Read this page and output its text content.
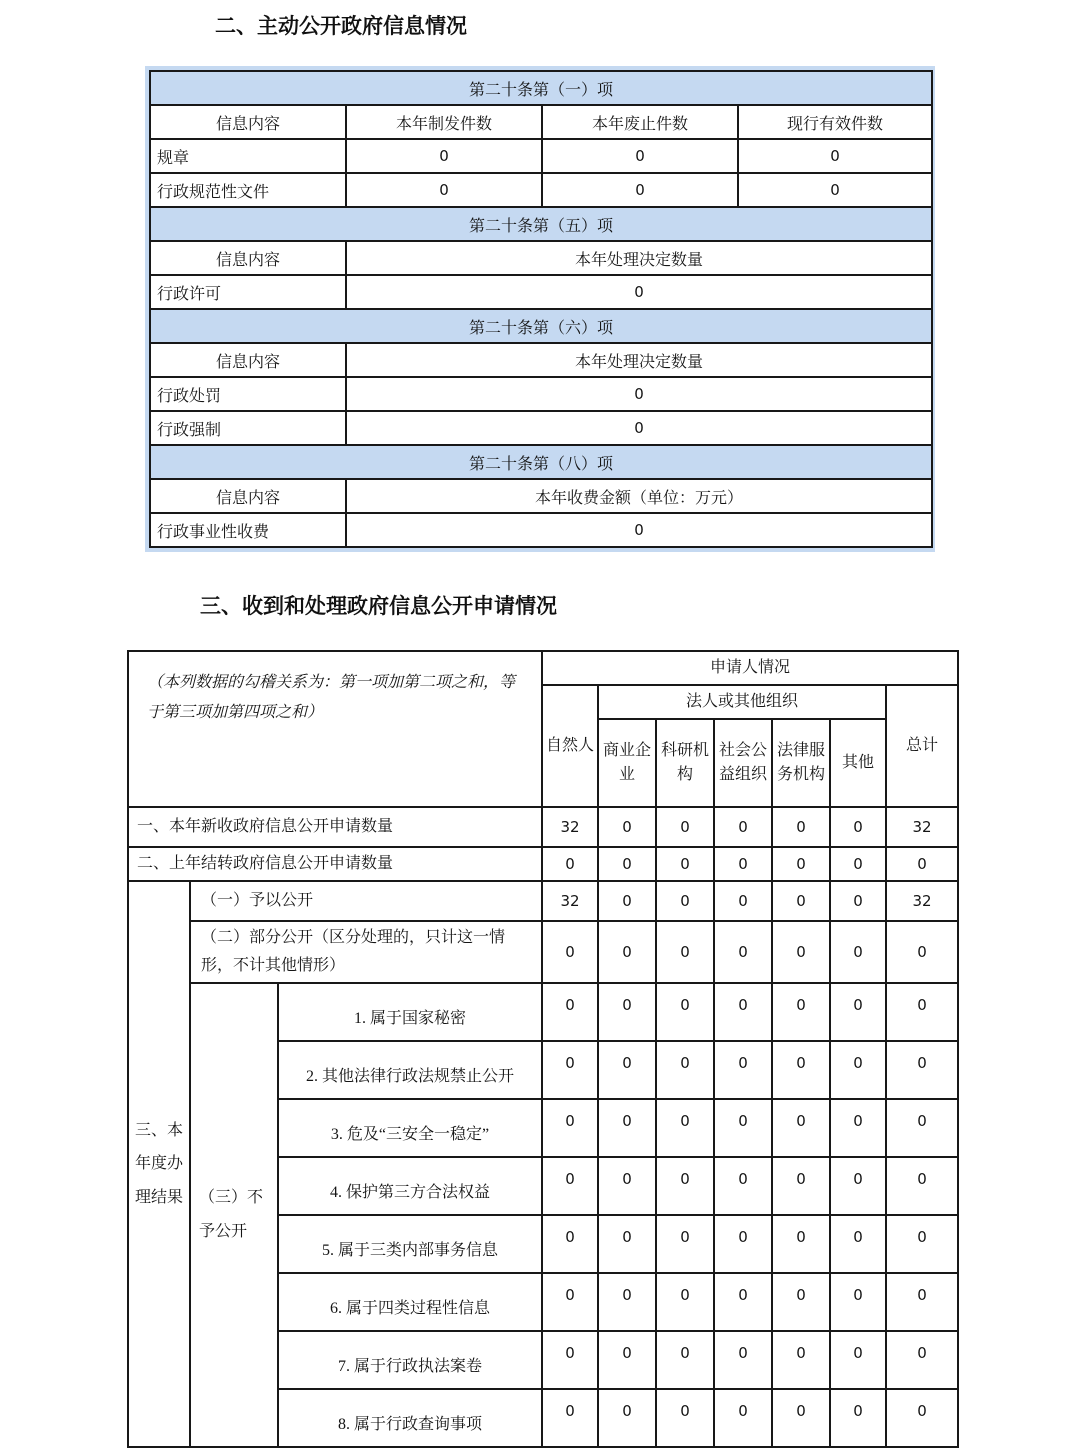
二、主动公开政府信息情况
第二十条第（一）项			
信息内容	本年制发件数	本年废止件数	现行有效件数
规章	0	0	0
行政规范性文件	0	0	0
第二十条第（五）项			
信息内容	本年处理决定数量		
行政许可	0		
第二十条第（六）项			
信息内容	本年处理决定数量		
行政处罚	0		
行政强制	0		
第二十条第（八）项			
信息内容	本年收费金额（单位：万元）		
行政事业性收费	0		
三、收到和处理政府信息公开申请情况
（本列数据的勾稽关系为：第一项加第二项之和，等于第三项加第四项之和）			申请人情况						
			自然人	法人或其他组织					总计
				商业企业	科研机构	社会公益组织	法律服务机构	其他	
一、本年新收政府信息公开申请数量			32	0	0	0	0	0	32
二、上年结转政府信息公开申请数量			0	0	0	0	0	0	0
三、本年度办理结果	（一）予以公开		32	0	0	0	0	0	32
	（二）部分公开（区分处理的，只计这一情形，不计其他情形）		0	0	0	0	0	0	0
	（三）不予公开	1. 属于国家秘密	0	0	0	0	0	0	0
		2. 其他法律行政法规禁止公开	0	0	0	0	0	0	0
		3. 危及“三安全一稳定”	0	0	0	0	0	0	0
		4. 保护第三方合法权益	0	0	0	0	0	0	0
		5. 属于三类内部事务信息	0	0	0	0	0	0	0
		6. 属于四类过程性信息	0	0	0	0	0	0	0
		7. 属于行政执法案卷	0	0	0	0	0	0	0
		8. 属于行政查询事项	0	0	0	0	0	0	0
